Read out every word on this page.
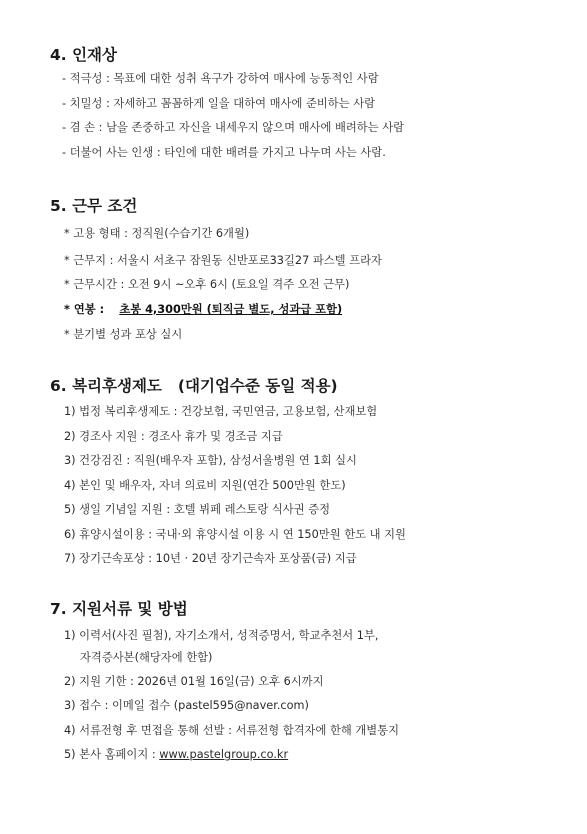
4. 인재상
- 적극성 : 목표에 대한 성취 욕구가 강하여 매사에 능동적인 사람
- 치밀성 : 자세하고 꼼꼼하게 일을 대하여 매사에 준비하는 사람
- 겸 손 : 남을 존중하고 자신을 내세우지 않으며 매사에 배려하는 사람
- 더불어 사는 인생 : 타인에 대한 배려를 가지고 나누며 사는 사람.
5. 근무 조건
* 고용 형태 : 정직원(수습기간 6개월)
* 근무지 : 서울시 서초구 잠원동 신반포로33길27 파스텔 프라자
* 근무시간 : 오전 9시 ~오후 6시 (토요일 격주 오전 근무)
* 연봉 : 초봉 4,300만원 (퇴직금 별도, 성과급 포함)
* 분기별 성과 포상 실시
6. 복리후생제도 (대기업수준 동일 적용)
1) 법정 복리후생제도 : 건강보험, 국민연금, 고용보험, 산재보험
2) 경조사 지원 : 경조사 휴가 및 경조금 지급
3) 건강검진 : 직원(배우자 포함), 삼성서울병원 연 1회 실시
4) 본인 및 배우자, 자녀 의료비 지원(연간 500만원 한도)
5) 생일 기념일 지원 : 호텔 뷔페 레스토랑 식사권 증정
6) 휴양시설이용 : 국내·외 휴양시설 이용 시 연 150만원 한도 내 지원
7) 장기근속포상 : 10년 · 20년 장기근속자 포상품(금) 지급
7. 지원서류 및 방법
1) 이력서(사진 필첨), 자기소개서, 성적증명서, 학교추천서 1부,
자격증사본(해당자에 한함)
2) 지원 기한 : 2026년 01월 16일(금) 오후 6시까지
3) 접수 : 이메일 접수 (pastel595@naver.com)
4) 서류전형 후 면접을 통해 선발 : 서류전형 합격자에 한해 개별통지
5) 본사 홈페이지 : www.pastelgroup.co.kr
